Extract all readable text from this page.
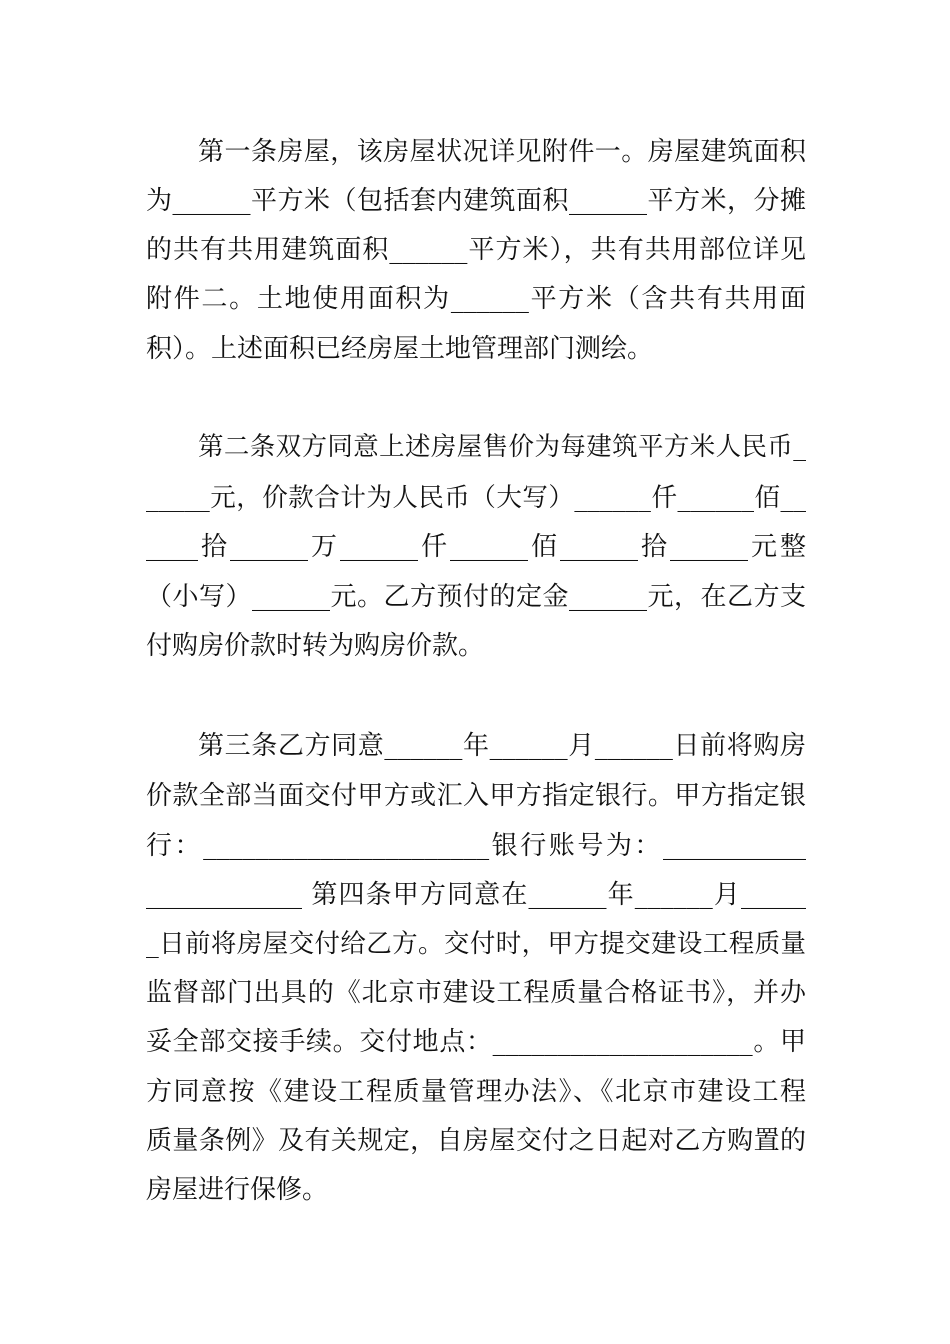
第一条房屋，该房屋状况详见附件一。房屋建筑面积
为______平方米（包括套内建筑面积______平方米，分摊
的共有共用建筑面积______平方米），共有共用部位详见
附件二。土地使用面积为______平方米（含共有共用面
积）。上述面积已经房屋土地管理部门测绘。
第二条双方同意上述房屋售价为每建筑平方米人民币_
_____元，价款合计为人民币（大写）______仟______佰__
____拾______万______仟______佰______拾______元整
（小写）______元。乙方预付的定金______元，在乙方支
付购房价款时转为购房价款。
第三条乙方同意______年______月______日前将购房
价款全部当面交付甲方或汇入甲方指定银行。甲方指定银
行：______________________银行账号为：___________
____________ 第四条甲方同意在______年______月_____
_日前将房屋交付给乙方。交付时，甲方提交建设工程质量
监督部门出具的《北京市建设工程质量合格证书》，并办
妥全部交接手续。交付地点：____________________。甲
方同意按《建设工程质量管理办法》、《北京市建设工程
质量条例》及有关规定，自房屋交付之日起对乙方购置的
房屋进行保修。
